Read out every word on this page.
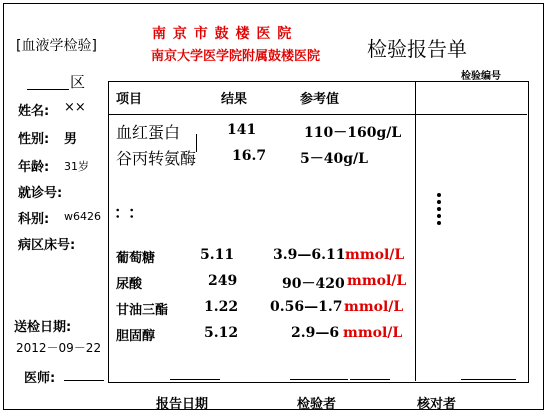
[血液学检验]
南 京 市 鼓 楼 医 院
南京大学医学院附属鼓楼医院 检验报告单
检验编号
区
姓名: ××
性别: 男
年龄: 31岁
就诊号:
科别: w6426
病区床号:
送检日期:
2012－09－22
医师:
项目	结果	参考值
血红蛋白	141	110－160g/L
谷丙转氨酶	16.7 5－40g/L
：：
葡萄糖	5.11	3.9—6.11 mmol/L
尿酸	249	90－420 mmol/L
甘油三酯	1.22 0.56—1.7 mmol/L
胆固醇	5.12	2.9—6 mmol/L
报告日期	检验者	核对者
